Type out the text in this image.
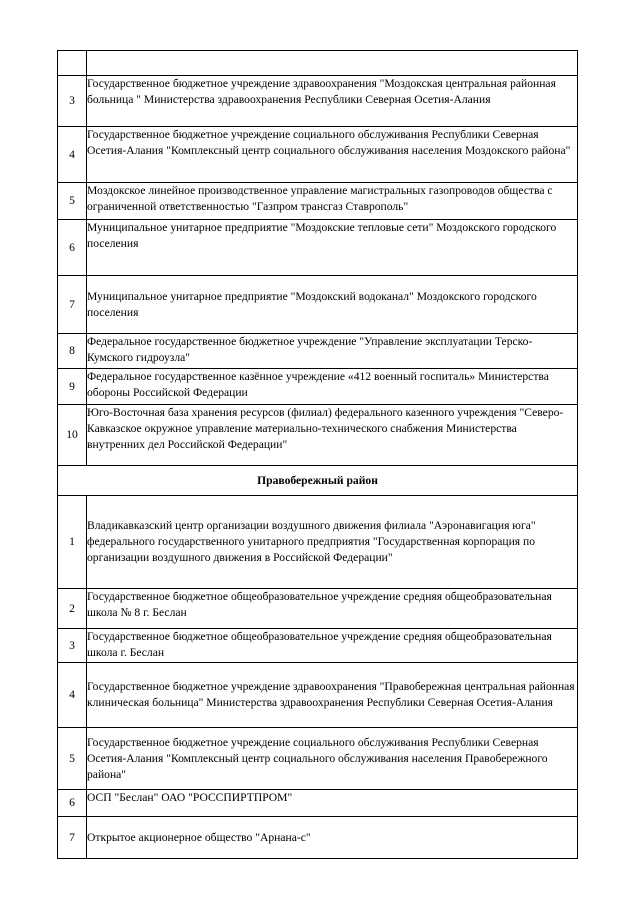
3	Государственное бюджетное учреждение здравоохранения "Моздокская центральная районная больница " Министерства здравоохранения Республики Северная Осетия-Алания
4	Государственное бюджетное учреждение социального обслуживания Республики Северная Осетия-Алания "Комплексный центр социального обслуживания населения Моздокского района"
5	Моздокское линейное производственное управление магистральных газопроводов общества с ограниченной ответственностью "Газпром трансгаз Ставрополь"
6	Муниципальное унитарное предприятие "Моздокские тепловые сети" Моздокского городского поселения
7	Муниципальное унитарное предприятие "Моздокский водоканал" Моздокского городского поселения
8	Федеральное государственное бюджетное учреждение "Управление эксплуатации Терско-Кумского гидроузла"
9	Федеральное государственное казённое учреждение «412 военный госпиталь» Министерства обороны Российской Федерации
10	Юго-Восточная база хранения ресурсов (филиал) федерального казенного учреждения "Северо-Кавказское окружное управление материально-технического снабжения Министерства внутренних дел Российской Федерации"
Правобережный район	
1	Владикавказский центр организации воздушного движения филиала "Аэронавигация юга" федерального государственного унитарного предприятия "Государственная корпорация по организации воздушного движения в Российской Федерации"
2	Государственное бюджетное общеобразовательное учреждение средняя общеобразовательная школа № 8 г. Беслан
3	Государственное бюджетное общеобразовательное учреждение средняя общеобразовательная школа г. Беслан
4	Государственное бюджетное учреждение здравоохранения "Правобережная центральная районная клиническая больница" Министерства здравоохранения Республики Северная Осетия-Алания
5	Государственное бюджетное учреждение социального обслуживания Республики Северная Осетия-Алания "Комплексный центр социального обслуживания населения Правобережного района"
6	ОСП "Беслан" ОАО "РОССПИРТПРОМ"
7	Открытое акционерное общество "Арнана-с"
